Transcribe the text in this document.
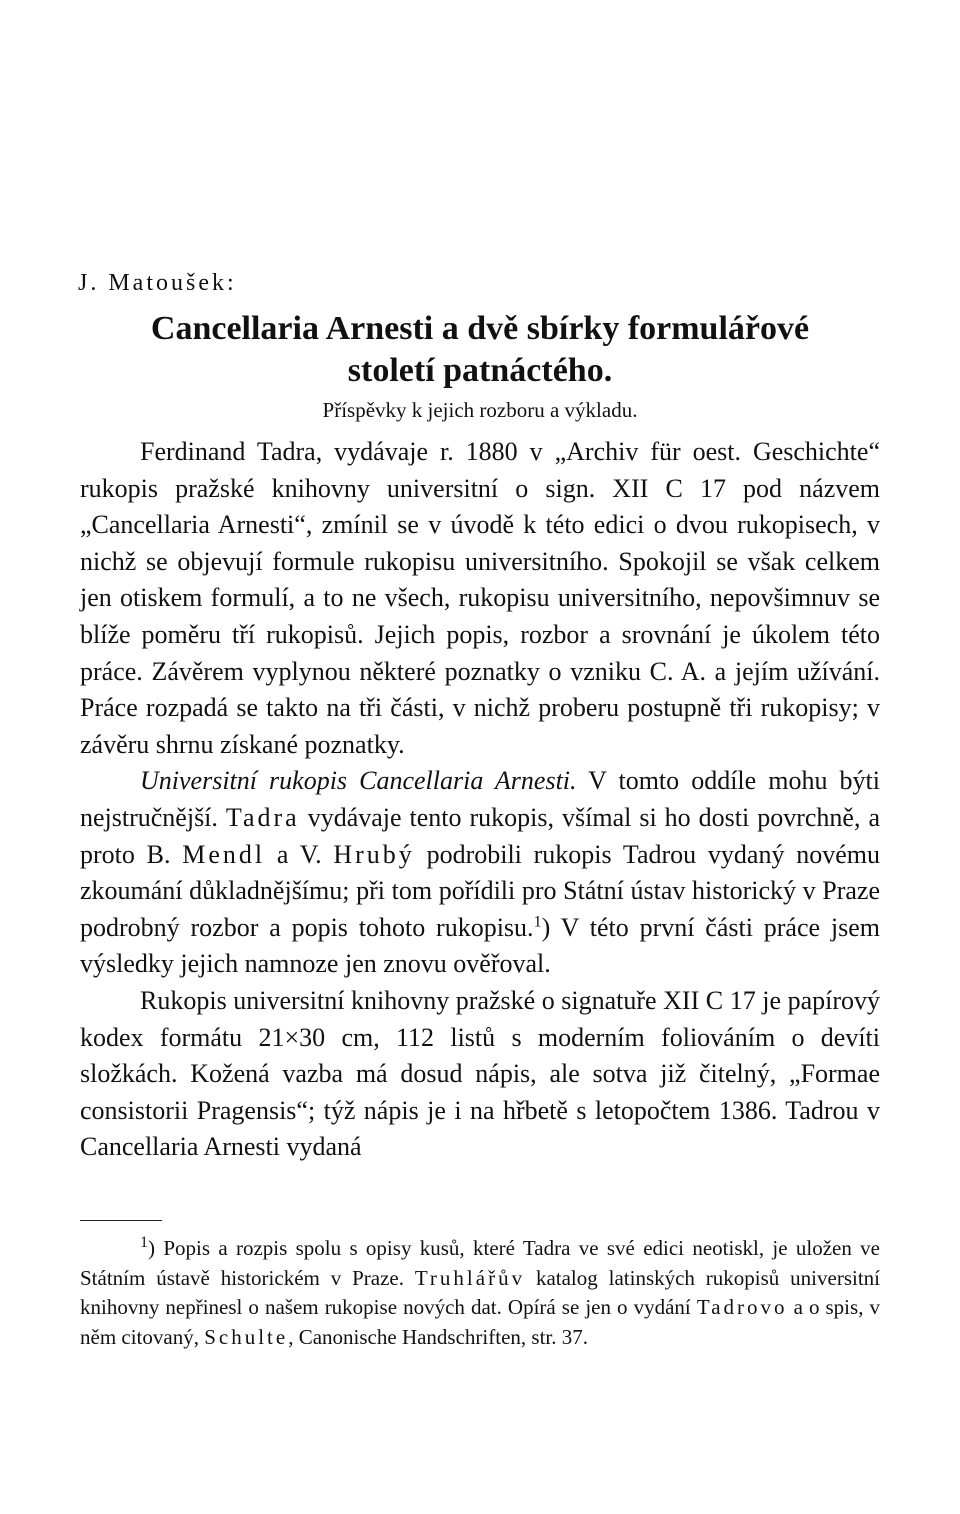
J. Matoušek:
Cancellaria Arnesti a dvě sbírky formulářové
století patnáctého.
Příspěvky k jejich rozboru a výkladu.

Ferdinand Tadra, vydávaje r. 1880 v „Archiv für oest. Geschichte“ rukopis pražské knihovny universitní o sign. XII C 17 pod názvem „Cancellaria Arnesti“, zmínil se v úvodě k této edici o dvou rukopisech, v nichž se objevují formule rukopisu universitního. Spokojil se však celkem jen otiskem formulí, a to ne všech, rukopisu universitního, nepovšimnuv se blíže poměru tří rukopisů. Jejich popis, rozbor a srovnání je úkolem této práce. Závěrem vyplynou některé poznatky o vzniku C. A. a jejím užívání. Práce rozpadá se takto na tři části, v nichž proberu postupně tři rukopisy; v závěru shrnu získané poznatky.

Universitní rukopis Cancellaria Arnesti. V tomto oddíle mohu býti nejstručnější. Tadra vydávaje tento rukopis, všímal si ho dosti povrchně, a proto B. Mendl a V. Hrubý podrobili rukopis Tadrou vydaný novému zkoumání důkladnějšímu; při tom pořídili pro Státní ústav historický v Praze podrobný rozbor a popis tohoto rukopisu.$^1$) V této první části práce jsem výsledky jejich namnoze jen znovu ověřoval.

Rukopis universitní knihovny pražské o signatuře XII C 17 je papírový kodex formátu 21×30 cm, 112 listů s moderním foliováním o devíti složkách. Kožená vazba má dosud nápis, ale sotva již čitelný, „Formae consistorii Pragensis“; týž nápis je i na hřbetě s letopočtem 1386. Tadrou v Cancellaria Arnesti vydaná

$^1$) Popis a rozpis spolu s opisy kusů, které Tadra ve své edici neotiskl, je uložen ve Státním ústavě historickém v Praze. Truhlářův katalog latinských rukopisů universitní knihovny nepřinesl o našem rukopise nových dat. Opírá se jen o vydání Tadrovo a o spis, v něm citovaný, Schulte, Canonische Handschriften, str. 37.
